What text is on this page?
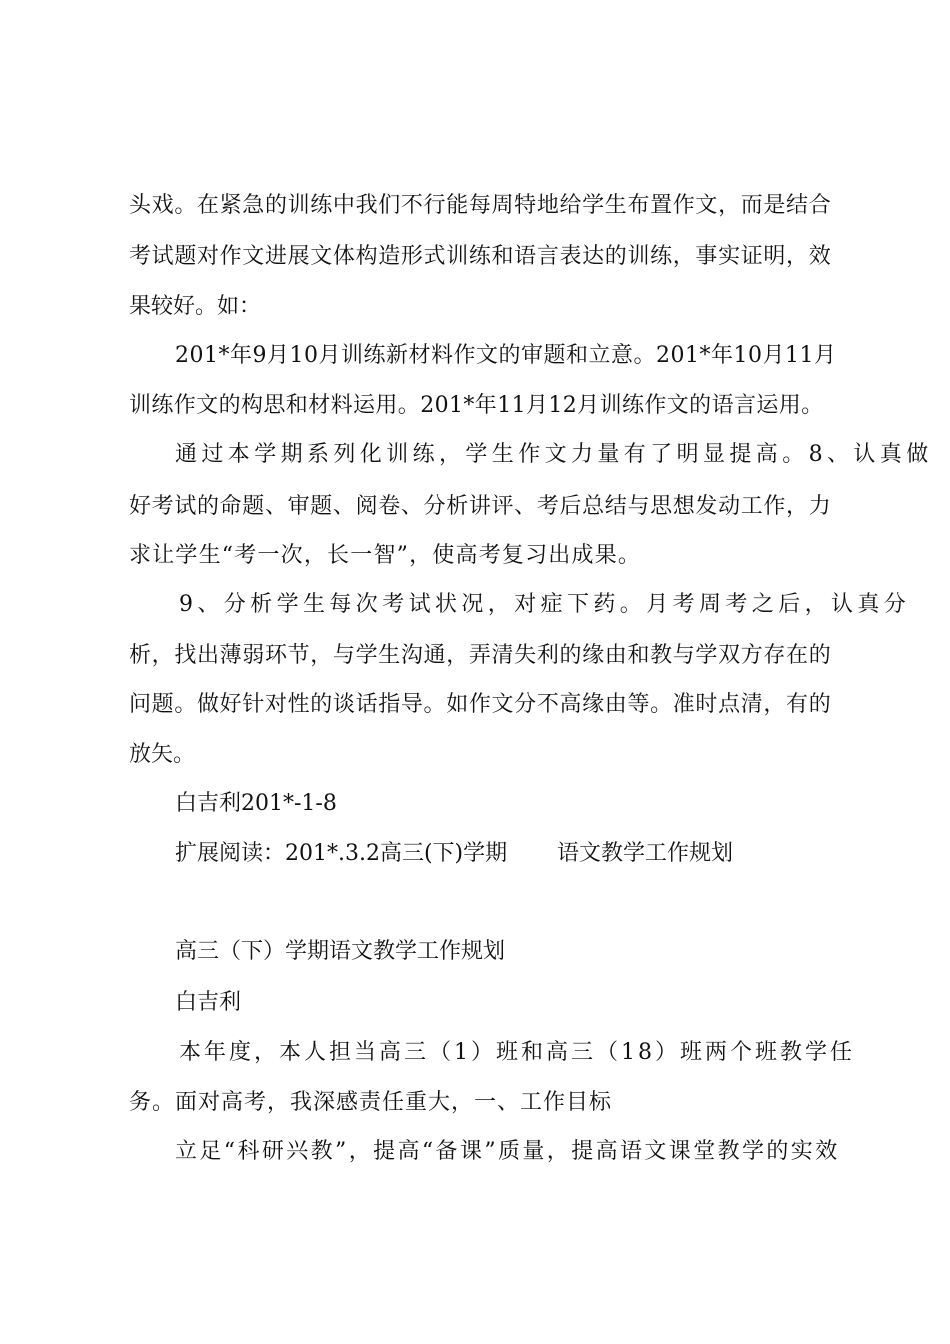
头 戏 。 在 紧 急 的 训 练 中 我 们 不 行 能 每 周 特 地 给 学 生 布 置 作 文 ， 而 是 结 合
考 试 题 对 作 文 进 展 文 体 构 造 形 式 训 练 和 语 言 表 达 的 训 练 ， 事 实 证 明 ， 效
果较好。如：
201*年9月10月训练新材料作文的审题和立意。201*年10月11月
训练作文的构思和材料运用。201*年11月12月训练作文的语言运用。
通过本学期系列化训练，学生作文力量有了明显提高。8、认真做
好 考 试 的 命 题 、 审 题 、 阅 卷 、 分 析 讲 评 、 考 后 总 结 与 思 想 发 动 工 作 ， 力
求让学生“考一次，长一智”，使高考复习出成果。
9、分析学生每次考试状况，对症下药。月考周考之后，认真分
析 ， 找 出 薄 弱 环 节 ， 与 学 生 沟 通 ， 弄 清 失 利 的 缘 由 和 教 与 学 双 方 存 在 的
问 题 。 做 好 针 对 性 的 谈 话 指 导 。 如 作 文 分 不 高 缘 由 等 。 准 时 点 清 ， 有 的
放矢。
白吉利201*-1-8
扩展阅读：201*.3.2高三(下)学期 语文教学工作规划
高三（下）学期语文教学工作规划
白吉利
本年度，本人担当高三（1）班和高三（18）班两个班教学任
务。面对高考，我深感责任重大，一、工作目标
立足“科研兴教”，提高“备课”质量，提高语文课堂教学的实效
